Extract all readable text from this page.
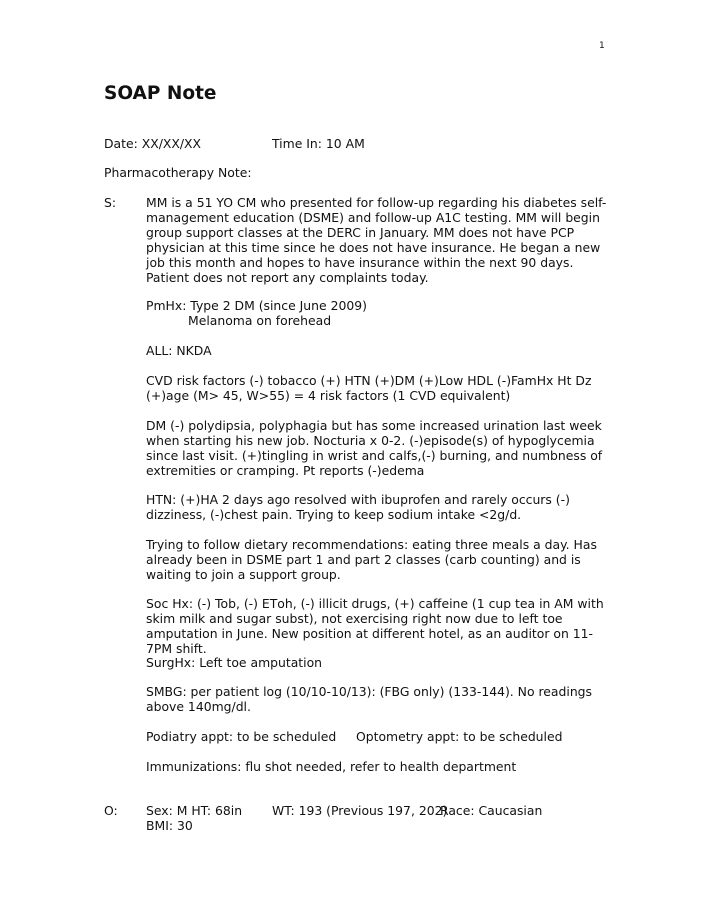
1
SOAP Note
Date: XX/XX/XX	Time In: 10 AM
Pharmacotherapy Note:
S: MM is a 51 YO CM who presented for follow-up regarding his diabetes self-management education (DSME) and follow-up A1C testing. MM will begin group support classes at the DERC in January. MM does not have PCP physician at this time since he does not have insurance. He began a new job this month and hopes to have insurance within the next 90 days. Patient does not report any complaints today.
PmHx: Type 2 DM (since June 2009)
Melanoma on forehead
ALL: NKDA
CVD risk factors (-) tobacco (+) HTN (+)DM (+)Low HDL (-)FamHx Ht Dz (+)age (M> 45, W>55) = 4 risk factors (1 CVD equivalent)
DM (-) polydipsia, polyphagia but has some increased urination last week when starting his new job. Nocturia x 0-2. (-)episode(s) of hypoglycemia since last visit. (+)tingling in wrist and calfs,(-) burning, and numbness of extremities or cramping. Pt reports (-)edema
HTN: (+)HA 2 days ago resolved with ibuprofen and rarely occurs (-) dizziness, (-)chest pain. Trying to keep sodium intake <2g/d.
Trying to follow dietary recommendations: eating three meals a day. Has already been in DSME part 1 and part 2 classes (carb counting) and is waiting to join a support group.
Soc Hx: (-) Tob, (-) ETоh, (-) illicit drugs, (+) caffeine (1 cup tea in AM with skim milk and sugar subst), not exercising right now due to left toe amputation in June. New position at different hotel, as an auditor on 11-7PM shift.
SurgHx: Left toe amputation
SMBG: per patient log (10/10-10/13): (FBG only) (133-144). No readings above 140mg/dl.
Podiatry appt: to be scheduled Optometry appt: to be scheduled
Immunizations: flu shot needed, refer to health department
O: Sex: M HT: 68in WT: 193 (Previous 197, 202)
Race: Caucasian
BMI: 30
